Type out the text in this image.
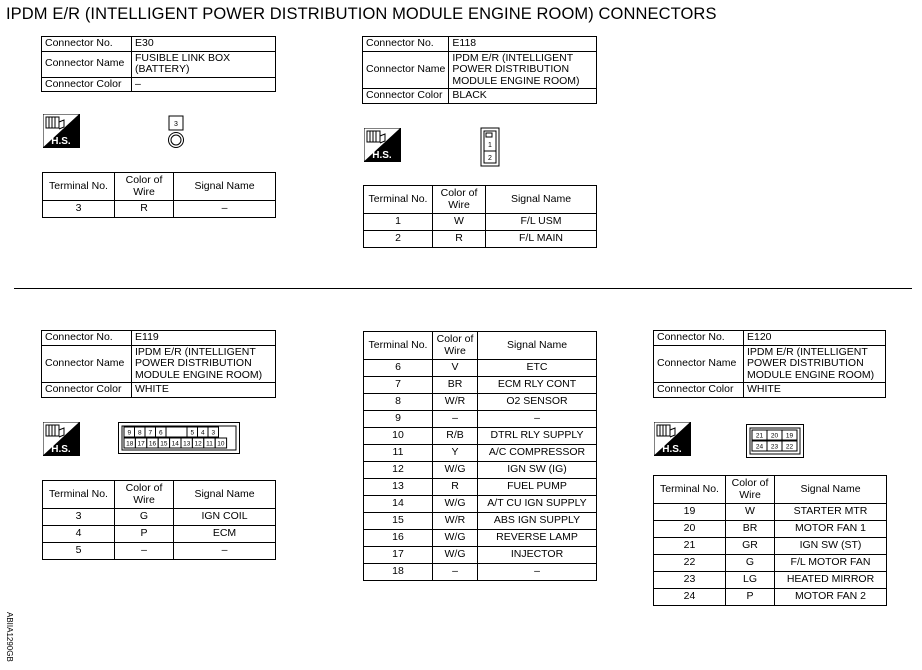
IPDM E/R (INTELLIGENT POWER DISTRIBUTION MODULE ENGINE ROOM) CONNECTORS
Connector No.	E30
Connector Name	FUSIBLE LINK BOX
(BATTERY)

Connector Color	–
H.S.
3
Terminal No.	Color of
Wire	Signal Name
3	R	–
Connector No.	E118
Connector Name	IPDM E/R (INTELLIGENT
POWER DISTRIBUTION
MODULE ENGINE ROOM)

Connector Color	BLACK
H.S.
1
2
Terminal No.	Color of
Wire	Signal Name
1	W	F/L USM
2	R	F/L MAIN
Connector No.	E119
Connector Name	IPDM E/R (INTELLIGENT
POWER DISTRIBUTION
MODULE ENGINE ROOM)

Connector Color	WHITE
H.S.
9 8 7 6	5 4 3
18 17 16 15 14 13 12 11 10
Terminal No.	Color of
Wire	Signal Name
3	G	IGN COIL
4	P	ECM
5	–	–
Terminal No.	Color of
Wire	Signal Name
6	V	ETC
7	BR	ECM RLY CONT
8	W/R	O2 SENSOR
9	–	–
10	R/B	DTRL RLY SUPPLY
11	Y	A/C COMPRESSOR
12	W/G	IGN SW (IG)
13	R	FUEL PUMP
14	W/G	A/T CU IGN SUPPLY
15	W/R	ABS IGN SUPPLY
16	W/G	REVERSE LAMP
17	W/G	INJECTOR
18	–	–
Connector No.	E120
Connector Name	IPDM E/R (INTELLIGENT
POWER DISTRIBUTION
MODULE ENGINE ROOM)

Connector Color	WHITE
H.S.
21 20 19
24 23 22
Terminal No.	Color of
Wire	Signal Name
19	W	STARTER MTR
20	BR	MOTOR FAN 1
21	GR	IGN SW (ST)
22	G	F/L MOTOR FAN
23	LG	HEATED MIRROR
24	P	MOTOR FAN 2
ABIIA1290GB
